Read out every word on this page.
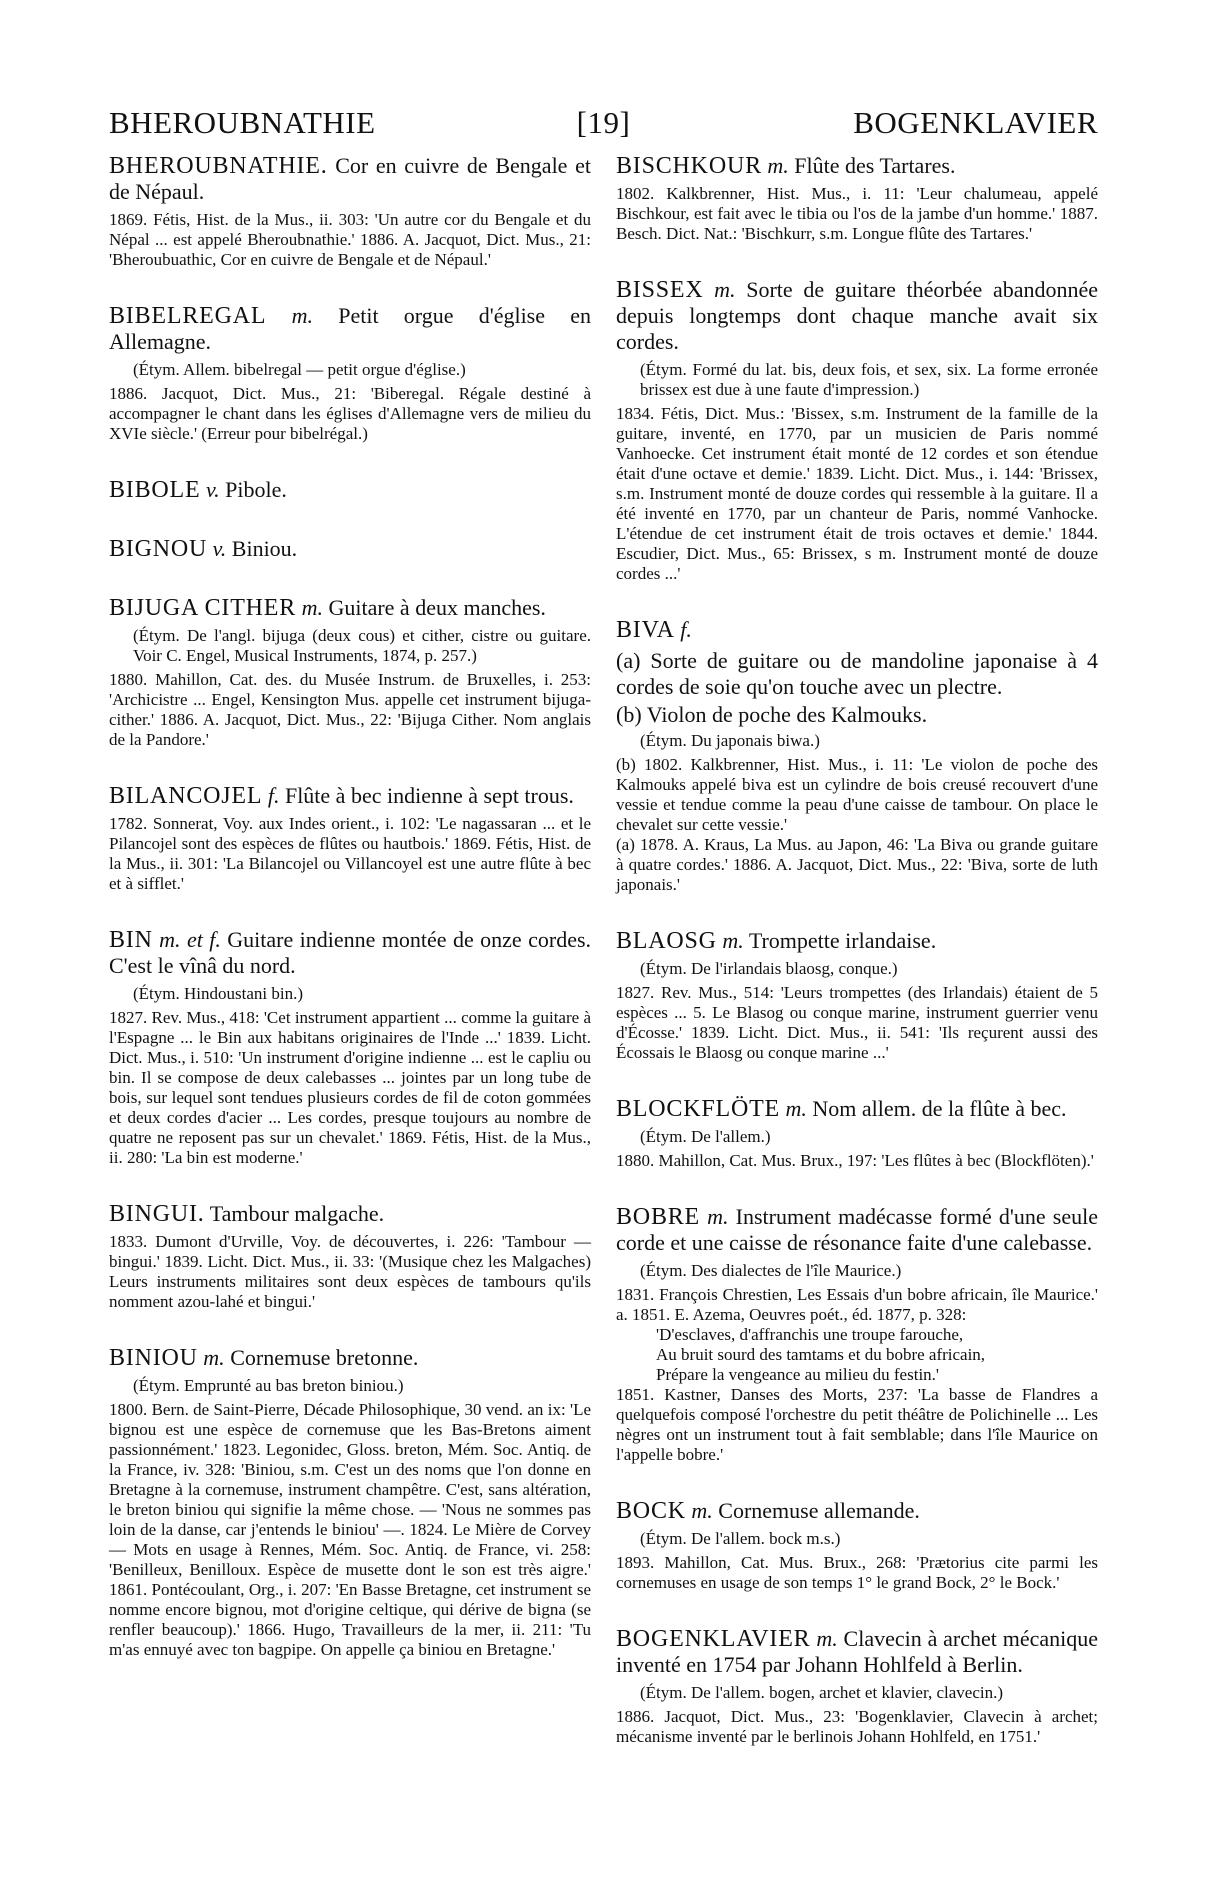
BHEROUBNATHIE	[19]	BOGENKLAVIER

BHEROUBNATHIE. Cor en cuivre de Bengale et de Népaul.

1869. Fétis, Hist. de la Mus., ii. 303: 'Un autre cor du Bengale et du Népal ... est appelé Bheroubnathie.' 1886. A. Jacquot, Dict. Mus., 21: 'Bheroubuathic, Cor en cuivre de Bengale et de Népaul.'

BIBELREGAL m. Petit orgue d'église en Allemagne.

(Étym. Allem. bibelregal — petit orgue d'église.)

1886. Jacquot, Dict. Mus., 21: 'Biberegal. Régale destiné à accompagner le chant dans les églises d'Allemagne vers de milieu du XVIe siècle.' (Erreur pour bibelrégal.)

BIBOLE v. Pibole.

BIGNOU v. Biniou.

BIJUGA CITHER m. Guitare à deux manches.

(Étym. De l'angl. bijuga (deux cous) et cither, cistre ou guitare. Voir C. Engel, Musical Instruments, 1874, p. 257.)

1880. Mahillon, Cat. des. du Musée Instrum. de Bruxelles, i. 253: 'Archicistre ... Engel, Kensington Mus. appelle cet instrument bijuga-cither.' 1886. A. Jacquot, Dict. Mus., 22: 'Bijuga Cither. Nom anglais de la Pandore.'

BILANCOJEL f. Flûte à bec indienne à sept trous.

1782. Sonnerat, Voy. aux Indes orient., i. 102: 'Le nagassaran ... et le Pilancojel sont des espèces de flûtes ou hautbois.' 1869. Fétis, Hist. de la Mus., ii. 301: 'La Bilancojel ou Villancoyel est une autre flûte à bec et à sifflet.'

BIN m. et f. Guitare indienne montée de onze cordes. C'est le vînâ du nord.

(Étym. Hindoustani bin.)

1827. Rev. Mus., 418: 'Cet instrument appartient ... comme la guitare à l'Espagne ... le Bin aux habitans originaires de l'Inde ...' 1839. Licht. Dict. Mus., i. 510: 'Un instrument d'origine indienne ... est le capliu ou bin. Il se compose de deux calebasses ... jointes par un long tube de bois, sur lequel sont tendues plusieurs cordes de fil de coton gommées et deux cordes d'acier ... Les cordes, presque toujours au nombre de quatre ne reposent pas sur un chevalet.' 1869. Fétis, Hist. de la Mus., ii. 280: 'La bin est moderne.'

BINGUI. Tambour malgache.

1833. Dumont d'Urville, Voy. de découvertes, i. 226: 'Tambour — bingui.' 1839. Licht. Dict. Mus., ii. 33: '(Musique chez les Malgaches) Leurs instruments militaires sont deux espèces de tambours qu'ils nomment azou-lahé et bingui.'

BINIOU m. Cornemuse bretonne.

(Étym. Emprunté au bas breton biniou.)

1800. Bern. de Saint-Pierre, Décade Philosophique, 30 vend. an ix: 'Le bignou est une espèce de cornemuse que les Bas-Bretons aiment passionnément.' 1823. Legonidec, Gloss. breton, Mém. Soc. Antiq. de la France, iv. 328: 'Biniou, s.m. C'est un des noms que l'on donne en Bretagne à la cornemuse, instrument champêtre. C'est, sans altération, le breton biniou qui signifie la même chose. — 'Nous ne sommes pas loin de la danse, car j'entends le biniou' —. 1824. Le Mière de Corvey — Mots en usage à Rennes, Mém. Soc. Antiq. de France, vi. 258: 'Benilleux, Benilloux. Espèce de musette dont le son est très aigre.' 1861. Pontécoulant, Org., i. 207: 'En Basse Bretagne, cet instrument se nomme encore bignou, mot d'origine celtique, qui dérive de bigna (se renfler beaucoup).' 1866. Hugo, Travailleurs de la mer, ii. 211: 'Tu m'as ennuyé avec ton bagpipe. On appelle ça biniou en Bretagne.'

BISCHKOUR m. Flûte des Tartares.

1802. Kalkbrenner, Hist. Mus., i. 11: 'Leur chalumeau, appelé Bischkour, est fait avec le tibia ou l'os de la jambe d'un homme.' 1887. Besch. Dict. Nat.: 'Bischkurr, s.m. Longue flûte des Tartares.'

BISSEX m. Sorte de guitare théorbée abandonnée depuis longtemps dont chaque manche avait six cordes.

(Étym. Formé du lat. bis, deux fois, et sex, six. La forme erronée brissex est due à une faute d'impression.)

1834. Fétis, Dict. Mus.: 'Bissex, s.m. Instrument de la famille de la guitare, inventé, en 1770, par un musicien de Paris nommé Vanhoecke. Cet instrument était monté de 12 cordes et son étendue était d'une octave et demie.' 1839. Licht. Dict. Mus., i. 144: 'Brissex, s.m. Instrument monté de douze cordes qui ressemble à la guitare. Il a été inventé en 1770, par un chanteur de Paris, nommé Vanhocke. L'étendue de cet instrument était de trois octaves et demie.' 1844. Escudier, Dict. Mus., 65: Brissex, s m. Instrument monté de douze cordes ...'

BIVA f.

(a) Sorte de guitare ou de mandoline japonaise à 4 cordes de soie qu'on touche avec un plectre.

(b) Violon de poche des Kalmouks.

(Étym. Du japonais biwa.)

(b) 1802. Kalkbrenner, Hist. Mus., i. 11: 'Le violon de poche des Kalmouks appelé biva est un cylindre de bois creusé recouvert d'une vessie et tendue comme la peau d'une caisse de tambour. On place le chevalet sur cette vessie.'

(a) 1878. A. Kraus, La Mus. au Japon, 46: 'La Biva ou grande guitare à quatre cordes.' 1886. A. Jacquot, Dict. Mus., 22: 'Biva, sorte de luth japonais.'

BLAOSG m. Trompette irlandaise.

(Étym. De l'irlandais blaosg, conque.)

1827. Rev. Mus., 514: 'Leurs trompettes (des Irlandais) étaient de 5 espèces ... 5. Le Blasog ou conque marine, instrument guerrier venu d'Écosse.' 1839. Licht. Dict. Mus., ii. 541: 'Ils reçurent aussi des Écossais le Blaosg ou conque marine ...'

BLOCKFLÖTE m. Nom allem. de la flûte à bec.

(Étym. De l'allem.)

1880. Mahillon, Cat. Mus. Brux., 197: 'Les flûtes à bec (Blockflöten).'

BOBRE m. Instrument madécasse formé d'une seule corde et une caisse de résonance faite d'une calebasse.

(Étym. Des dialectes de l'île Maurice.)

1831. François Chrestien, Les Essais d'un bobre africain, île Maurice.' a. 1851. E. Azema, Oeuvres poét., éd. 1877, p. 328:

'D'esclaves, d'affranchis une troupe farouche,

Au bruit sourd des tamtams et du bobre africain,

Prépare la vengeance au milieu du festin.'

1851. Kastner, Danses des Morts, 237: 'La basse de Flandres a quelquefois composé l'orchestre du petit théâtre de Polichinelle ... Les nègres ont un instrument tout à fait semblable; dans l'île Maurice on l'appelle bobre.'

BOCK m. Cornemuse allemande.

(Étym. De l'allem. bock m.s.)

1893. Mahillon, Cat. Mus. Brux., 268: 'Prætorius cite parmi les cornemuses en usage de son temps 1° le grand Bock, 2° le Bock.'

BOGENKLAVIER m. Clavecin à archet mécanique inventé en 1754 par Johann Hohlfeld à Berlin.

(Étym. De l'allem. bogen, archet et klavier, clavecin.)

1886. Jacquot, Dict. Mus., 23: 'Bogenklavier, Clavecin à archet; mécanisme inventé par le berlinois Johann Hohlfeld, en 1751.'
